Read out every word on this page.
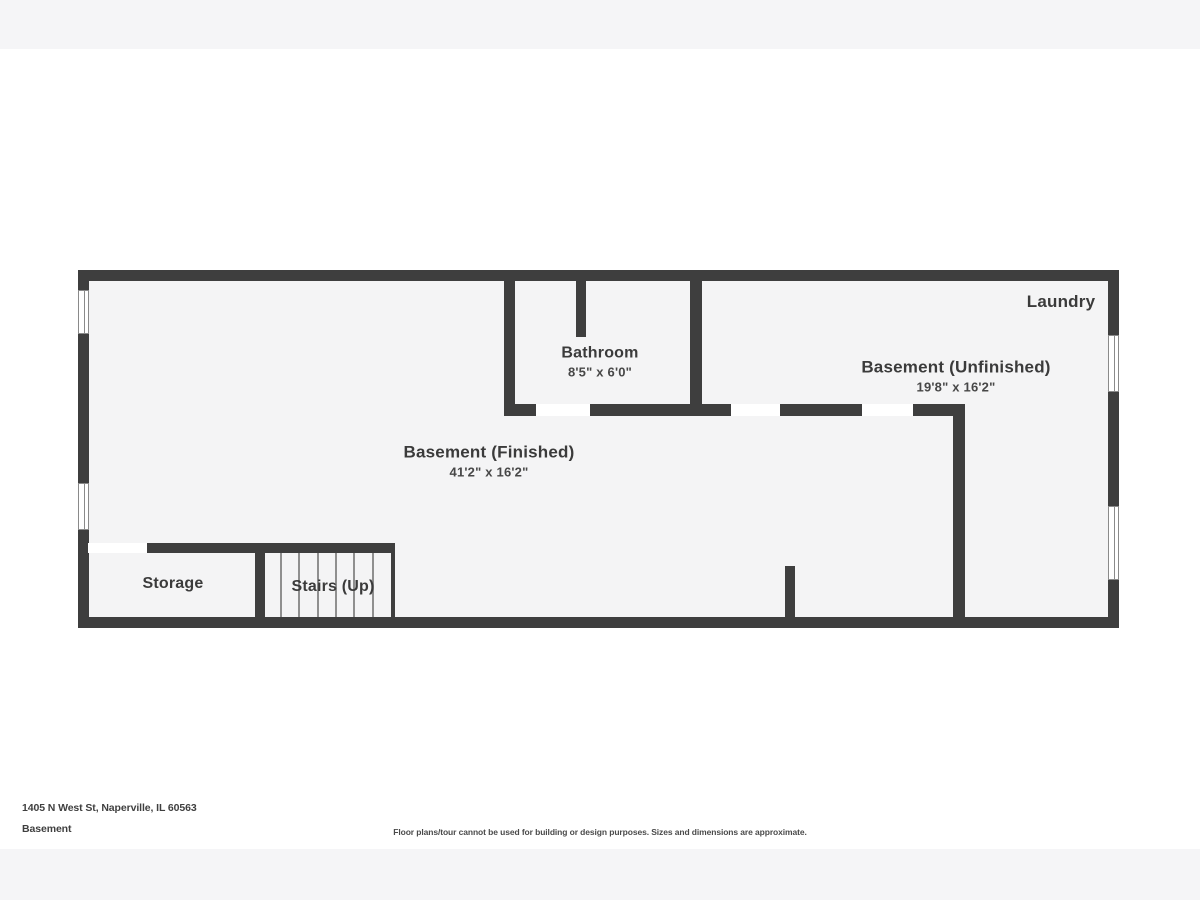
Basement (Finished)
41'2" x 16'2"
Basement (Unfinished)
19'8" x 16'2"
Bathroom
8'5" x 6'0"
Laundry
Storage	Stairs (Up)
1405 N West St, Naperville, IL 60563
Basement	Floor plans/tour cannot be used for building or design purposes. Sizes and dimensions are approximate.
